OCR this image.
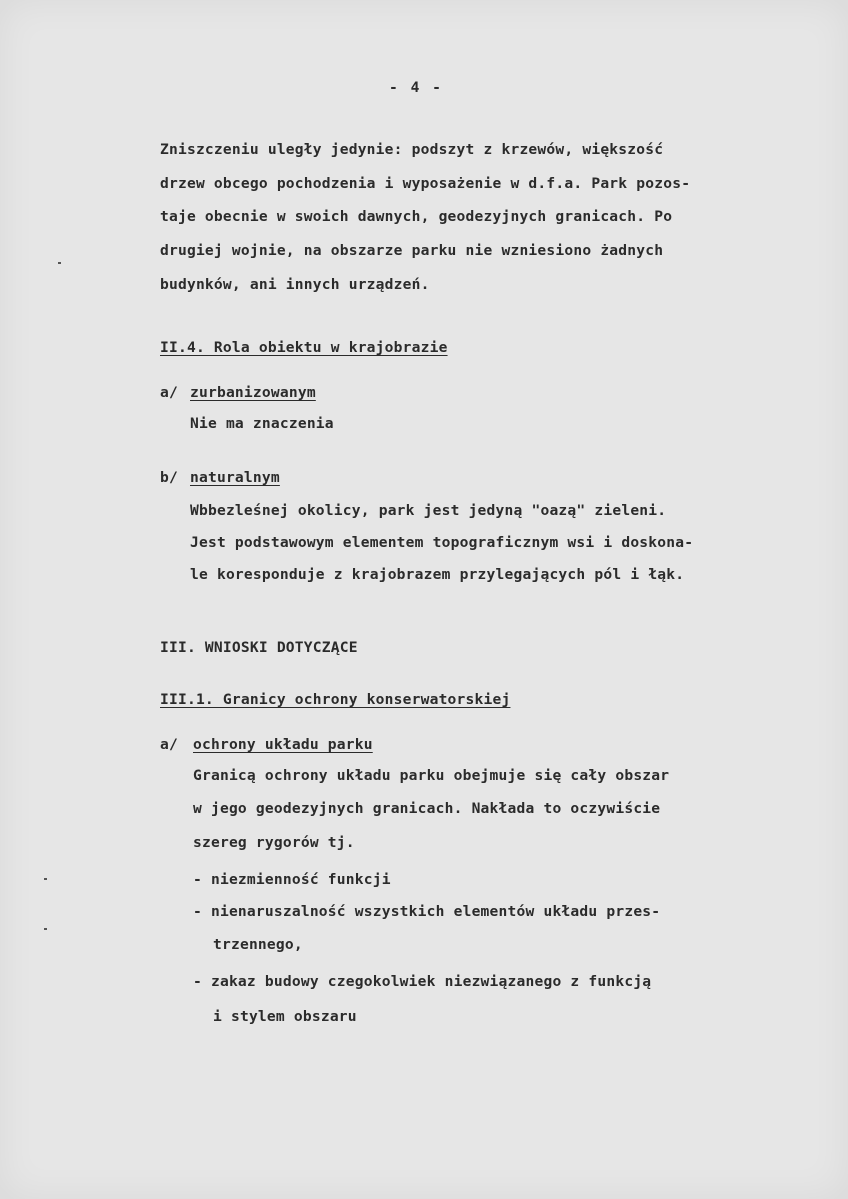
- 4 -
Zniszczeniu uległy jedynie: podszyt z krzewów, większość
drzew obcego pochodzenia i wyposażenie w d.f.a. Park pozos-
taje obecnie w swoich dawnych, geodezyjnych granicach. Po
drugiej wojnie, na obszarze parku nie wzniesiono żadnych
budynków, ani innych urządzeń.
II.4. Rola obiektu w krajobrazie
a/ zurbanizowanym
Nie ma znaczenia
b/ naturalnym
Wbbezleśnej okolicy, park jest jedyną "oazą" zieleni.
Jest podstawowym elementem topograficznym wsi i doskona-
le koresponduje z krajobrazem przylegających pól i łąk.
III. WNIOSKI DOTYCZĄCE
III.1. Granicy ochrony konserwatorskiej
a/ ochrony układu parku
Granicą ochrony układu parku obejmuje się cały obszar
w jego geodezyjnych granicach. Nakłada to oczywiście
szereg rygorów tj.
- niezmienność funkcji
- nienaruszalność wszystkich elementów układu przes-
trzennego,
- zakaz budowy czegokolwiek niezwiązanego z funkcją
i stylem obszaru
